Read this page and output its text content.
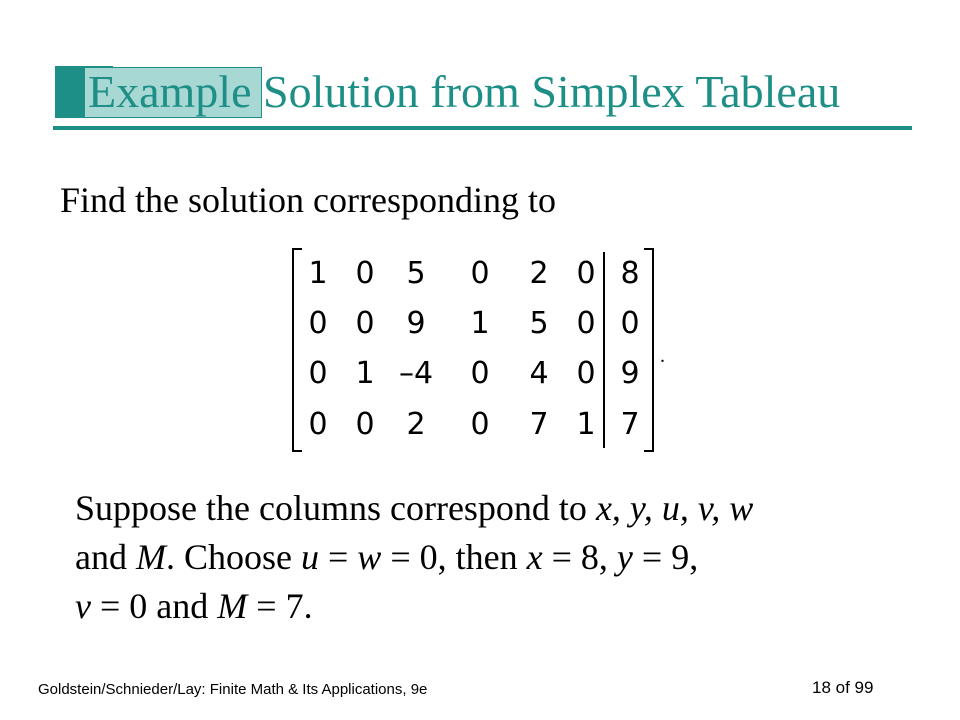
Example Solution from Simplex Tableau
Find the solution corresponding to
1 0	5	0	2 0 8
0 0	9	1	5 0 0
0 1 –4	0	4 0 9
0 0	2	0	7 1 7
.
Suppose the columns correspond to x, y, u, v, w
and M. Choose u = w = 0, then x = 8, y = 9,
v = 0 and M = 7.
Goldstein/Schnieder/Lay: Finite Math & Its Applications, 9e	18 of 99
